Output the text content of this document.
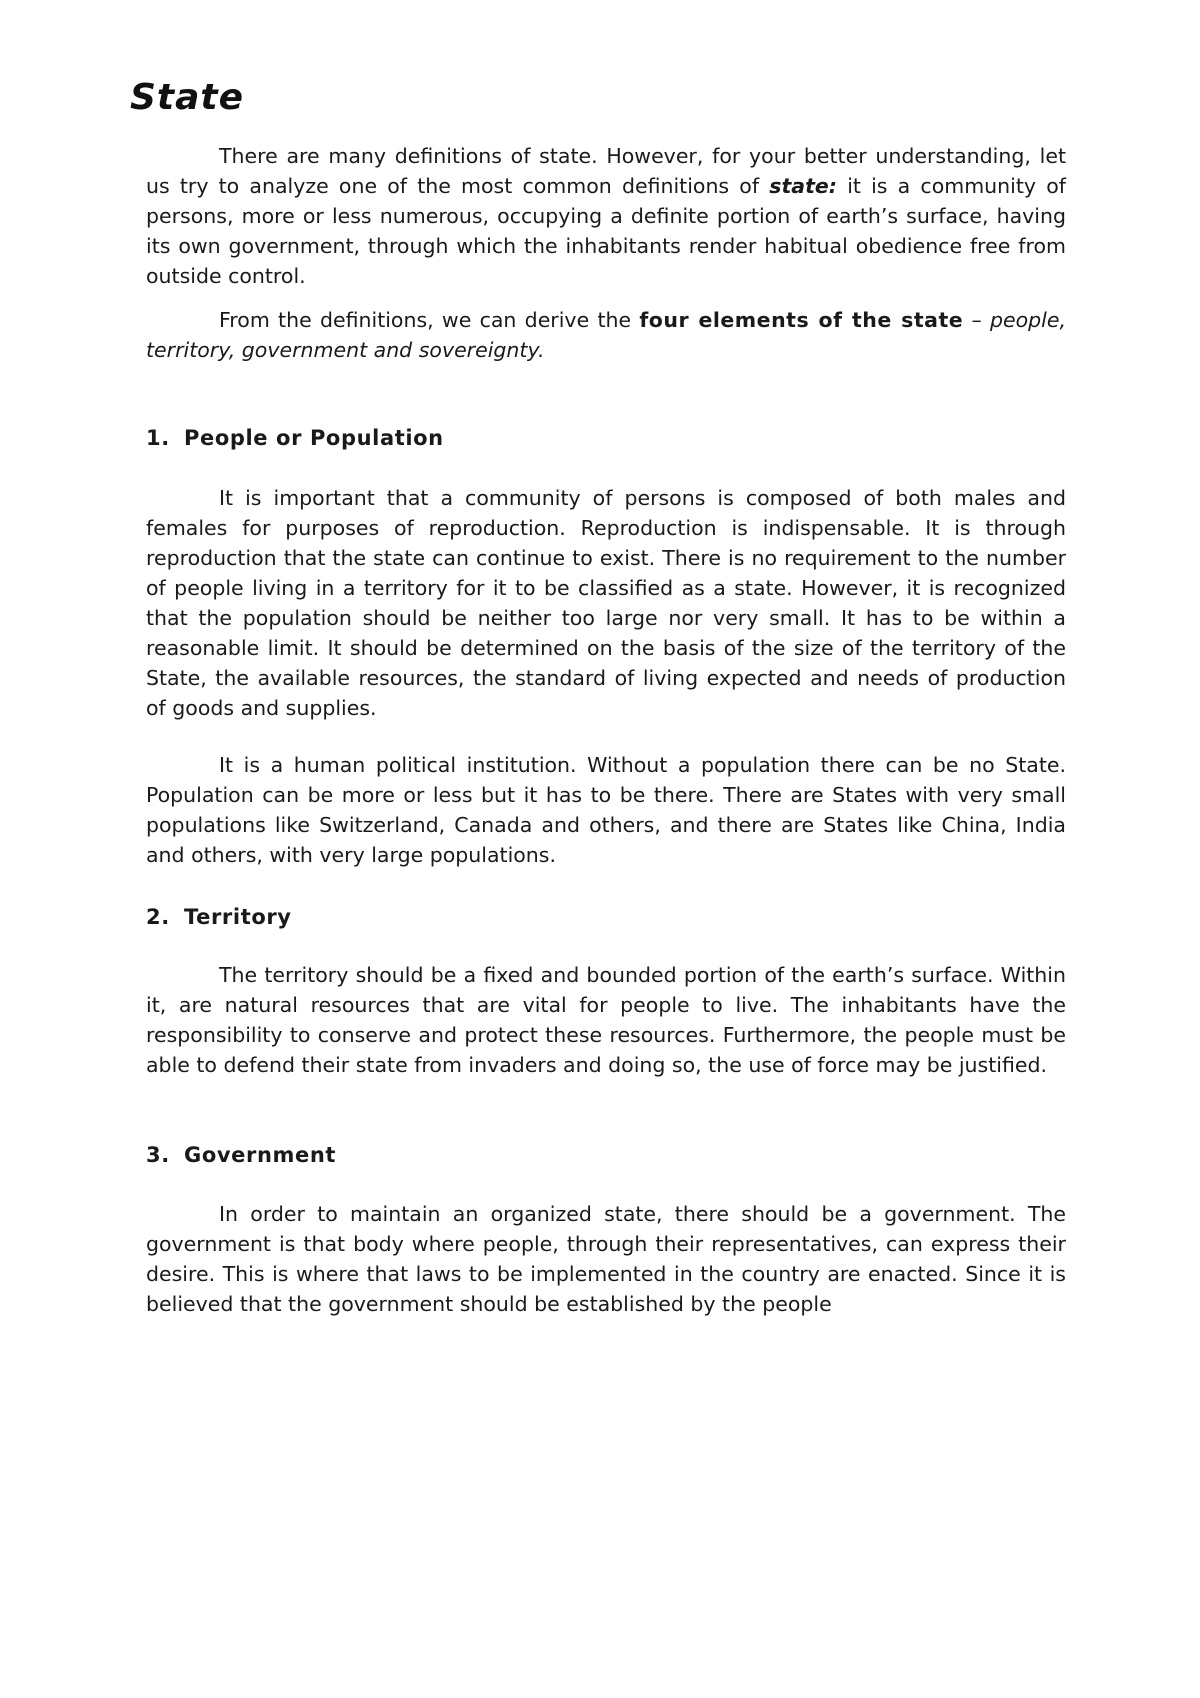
State

There are many definitions of state. However, for your better understanding, let us try to analyze one of the most common definitions of state: it is a community of persons, more or less numerous, occupying a definite portion of earth’s surface, having its own government, through which the inhabitants render habitual obedience free from outside control.

From the definitions, we can derive the four elements of the state – people, territory, government and sovereignty.

1. People or Population

It is important that a community of persons is composed of both males and females for purposes of reproduction. Reproduction is indispensable. It is through reproduction that the state can continue to exist. There is no requirement to the number of people living in a territory for it to be classified as a state. However, it is recognized that the population should be neither too large nor very small. It has to be within a reasonable limit. It should be determined on the basis of the size of the territory of the State, the available resources, the standard of living expected and needs of production of goods and supplies.

It is a human political institution. Without a population there can be no State. Population can be more or less but it has to be there. There are States with very small populations like Switzerland, Canada and others, and there are States like China, India and others, with very large populations.

2. Territory

The territory should be a fixed and bounded portion of the earth’s surface. Within it, are natural resources that are vital for people to live. The inhabitants have the responsibility to conserve and protect these resources. Furthermore, the people must be able to defend their state from invaders and doing so, the use of force may be justified.

3. Government

In order to maintain an organized state, there should be a government. The government is that body where people, through their representatives, can express their desire. This is where that laws to be implemented in the country are enacted. Since it is believed that the government should be established by the people
